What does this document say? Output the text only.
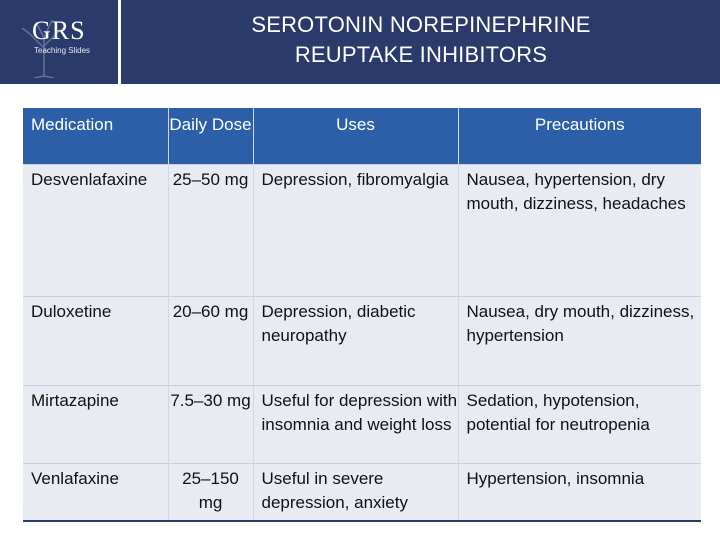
GRS
Teaching Slides
SEROTONIN NOREPINEPHRINE
REUPTAKE INHIBITORS
Medication	Daily Dose	Uses	Precautions
Desvenlafaxine	25–50 mg	Depression, fibromyalgia	Nausea, hypertension, dry mouth, dizziness, headaches
Duloxetine	20–60 mg	Depression, diabetic neuropathy	Nausea, dry mouth, dizziness, hypertension
Mirtazapine	7.5–30 mg	Useful for depression with insomnia and weight loss	Sedation, hypotension, potential for neutropenia
Venlafaxine	25–150 mg	Useful in severe depression, anxiety	Hypertension, insomnia
